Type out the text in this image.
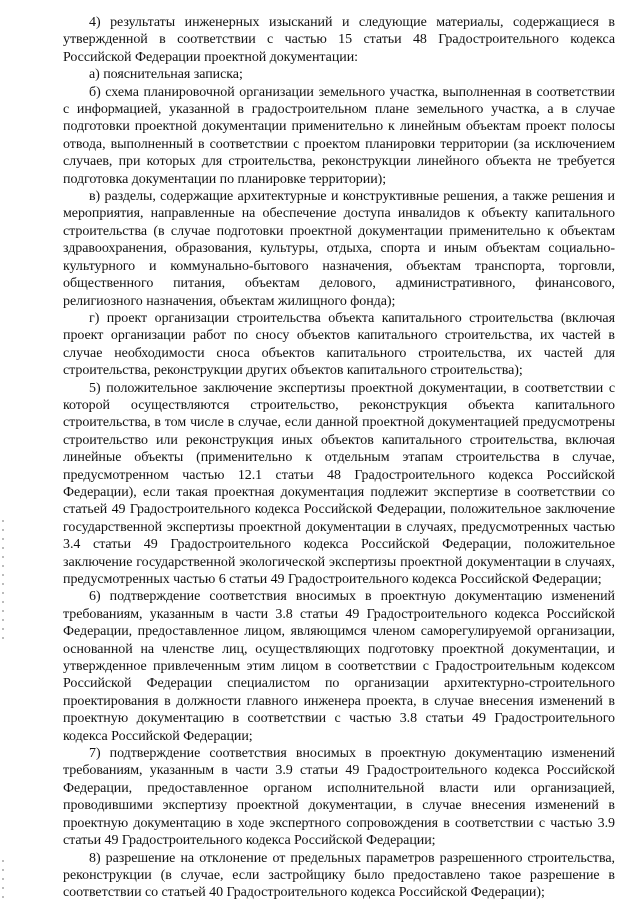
4) результаты инженерных изысканий и следующие материалы, содержащиеся в утвержденной в соответствии с частью 15 статьи 48 Градостроительного кодекса Российской Федерации проектной документации:

а) пояснительная записка;

б) схема планировочной организации земельного участка, выполненная в соответствии с информацией, указанной в градостроительном плане земельного участка, а в случае подготовки проектной документации применительно к линейным объектам проект полосы отвода, выполненный в соответствии с проектом планировки территории (за исключением случаев, при которых для строительства, реконструкции линейного объекта не требуется подготовка документации по планировке территории);

в) разделы, содержащие архитектурные и конструктивные решения, а также решения и мероприятия, направленные на обеспечение доступа инвалидов к объекту капитального строительства (в случае подготовки проектной документации применительно к объектам здравоохранения, образования, культуры, отдыха, спорта и иным объектам социально-культурного и коммунально-бытового назначения, объектам транспорта, торговли, общественного питания, объектам делового, административного, финансового, религиозного назначения, объектам жилищного фонда);

г) проект организации строительства объекта капитального строительства (включая проект организации работ по сносу объектов капитального строительства, их частей в случае необходимости сноса объектов капитального строительства, их частей для строительства, реконструкции других объектов капитального строительства);

5) положительное заключение экспертизы проектной документации, в соответствии с которой осуществляются строительство, реконструкция объекта капитального строительства, в том числе в случае, если данной проектной документацией предусмотрены строительство или реконструкция иных объектов капитального строительства, включая линейные объекты (применительно к отдельным этапам строительства в случае, предусмотренном частью 12.1 статьи 48 Градостроительного кодекса Российской Федерации), если такая проектная документация подлежит экспертизе в соответствии со статьей 49 Градостроительного кодекса Российской Федерации, положительное заключение государственной экспертизы проектной документации в случаях, предусмотренных частью 3.4 статьи 49 Градостроительного кодекса Российской Федерации, положительное заключение государственной экологической экспертизы проектной документации в случаях, предусмотренных частью 6 статьи 49 Градостроительного кодекса Российской Федерации;

6) подтверждение соответствия вносимых в проектную документацию изменений требованиям, указанным в части 3.8 статьи 49 Градостроительного кодекса Российской Федерации, предоставленное лицом, являющимся членом саморегулируемой организации, основанной на членстве лиц, осуществляющих подготовку проектной документации, и утвержденное привлеченным этим лицом в соответствии с Градостроительным кодексом Российской Федерации специалистом по организации архитектурно-строительного проектирования в должности главного инженера проекта, в случае внесения изменений в проектную документацию в соответствии с частью 3.8 статьи 49 Градостроительного кодекса Российской Федерации;

7) подтверждение соответствия вносимых в проектную документацию изменений требованиям, указанным в части 3.9 статьи 49 Градостроительного кодекса Российской Федерации, предоставленное органом исполнительной власти или организацией, проводившими экспертизу проектной документации, в случае внесения изменений в проектную документацию в ходе экспертного сопровождения в соответствии с частью 3.9 статьи 49 Градостроительного кодекса Российской Федерации;

8) разрешение на отклонение от предельных параметров разрешенного строительства, реконструкции (в случае, если застройщику было предоставлено такое разрешение в соответствии со статьей 40 Градостроительного кодекса Российской Федерации);
